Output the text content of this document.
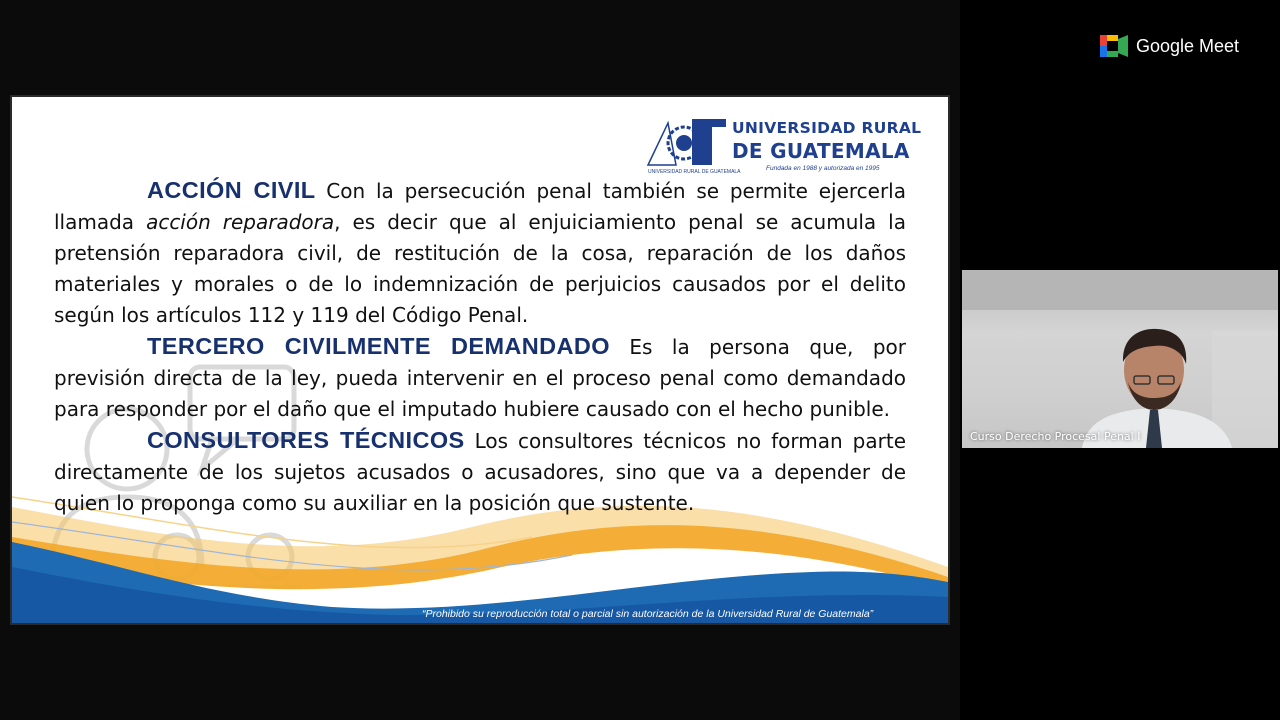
UNIVERSIDAD RURAL
DE GUATEMALA
UNIVERSIDAD RURAL DE GUATEMALA	Fundada en 1988 y autorizada en 1995

ACCIÓN CIVIL Con la persecución penal también se permite ejercerla llamada acción reparadora, es decir que al enjuiciamiento penal se acumula la pretensión reparadora civil, de restitución de la cosa, reparación de los daños materiales y morales o de lo indemnización de perjuicios causados por el delito según los artículos 112 y 119 del Código Penal.

TERCERO CIVILMENTE DEMANDADO Es la persona que, por previsión directa de la ley, pueda intervenir en el proceso penal como demandado para responder por el daño que el imputado hubiere causado con el hecho punible.

CONSULTORES TÉCNICOS Los consultores técnicos no forman parte directamente de los sujetos acusados o acusadores, sino que va a depender de quien lo proponga como su auxiliar en la posición que sustente.

“Prohibido su reproducción total o parcial sin autorización de la Universidad Rural de Guatemala”
Google Meet
Curso Derecho Procesal Penal I
